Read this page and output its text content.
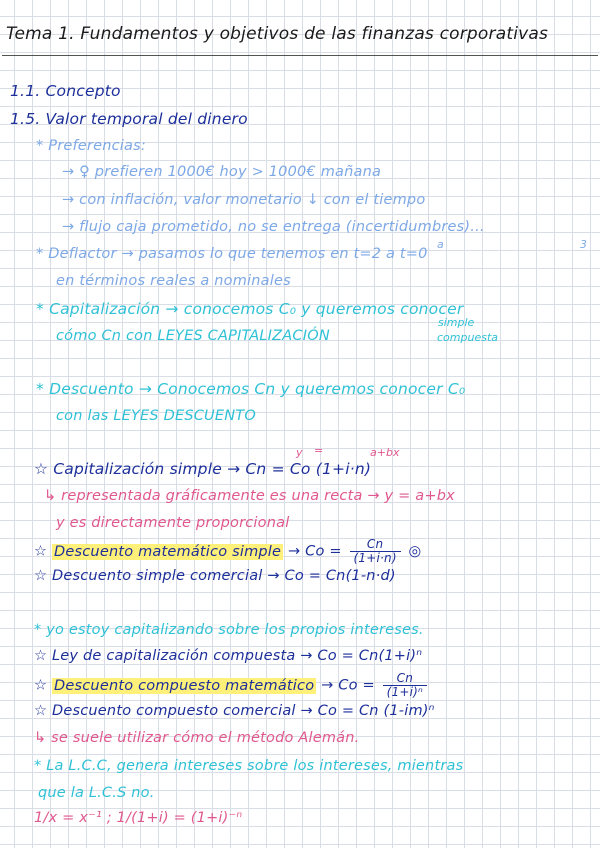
Tema 1. Fundamentos y objetivos de las finanzas corporativas
1.1. Concepto
1.5. Valor temporal del dinero
* Preferencias:
→ ♀ prefieren 1000€ hoy > 1000€ mañana
→ con inflación, valor monetario ↓ con el tiempo
→ flujo caja prometido, no se entrega (incertidumbres)...
* Deflactor → pasamos lo que tenemos en t=2 a t=0
a	3
en términos reales a nominales
* Capitalización → conocemos C₀ y queremos conocer
simple
cómo Cn con LEYES CAPITALIZACIÓN	compuesta
* Descuento → Conocemos Cn y queremos conocer C₀
con las LEYES DESCUENTO
y =	a+bx
☆ Capitalización simple → Cn = Co (1+i·n)
↳ representada gráficamente es una recta → y = a+bx
y es directamente proporcional
☆ Descuento matemático simple → $Co = \frac{Cn}{(1+i\cdot n)}$ ◎
☆ Descuento simple comercial → Co = Cn(1-n·d)
* yo estoy capitalizando sobre los propios intereses.
☆ Ley de capitalización compuesta → Co = Cn(1+i)ⁿ
☆ Descuento compuesto matemático → $Co = \frac{Cn}{\text{(1+i)ⁿ}}$
☆ Descuento compuesto comercial → Co = Cn (1-im)ⁿ
↳ se suele utilizar cómo el método Alemán.
* La L.C.C, genera intereses sobre los intereses, mientras
que la L.C.S no.
1/x = x⁻¹ ; 1/(1+i) = (1+i)⁻ⁿ
